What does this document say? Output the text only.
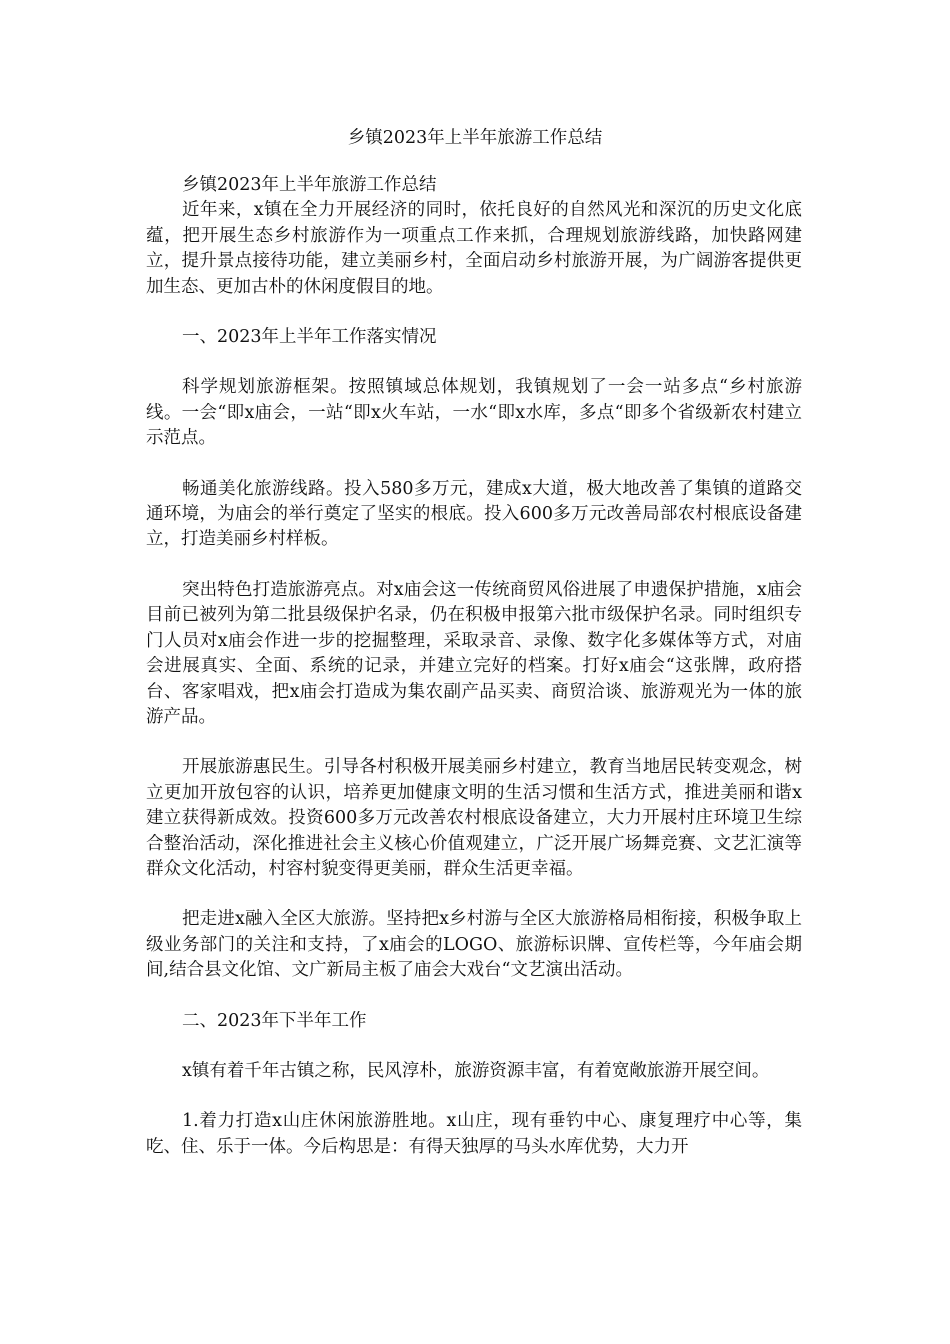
乡镇2023年上半年旅游工作总结

乡镇2023年上半年旅游工作总结

近年来，x镇在全力开展经济的同时，依托良好的自然风光和深沉的历史文化底蕴，把开展生态乡村旅游作为一项重点工作来抓，合理规划旅游线路，加快路网建立，提升景点接待功能，建立美丽乡村，全面启动乡村旅游开展，为广阔游客提供更加生态、更加古朴的休闲度假目的地。

一、2023年上半年工作落实情况

科学规划旅游框架。按照镇域总体规划，我镇规划了一会一站多点“乡村旅游线。一会“即x庙会，一站“即x火车站，一水“即x水库，多点“即多个省级新农村建立示范点。

畅通美化旅游线路。投入580多万元，建成x大道，极大地改善了集镇的道路交通环境，为庙会的举行奠定了坚实的根底。投入600多万元改善局部农村根底设备建立，打造美丽乡村样板。

突出特色打造旅游亮点。对x庙会这一传统商贸风俗进展了申遗保护措施，x庙会目前已被列为第二批县级保护名录，仍在积极申报第六批市级保护名录。同时组织专门人员对x庙会作进一步的挖掘整理，采取录音、录像、数字化多媒体等方式，对庙会进展真实、全面、系统的记录，并建立完好的档案。打好x庙会“这张牌，政府搭台、客家唱戏，把x庙会打造成为集农副产品买卖、商贸洽谈、旅游观光为一体的旅游产品。

开展旅游惠民生。引导各村积极开展美丽乡村建立，教育当地居民转变观念，树立更加开放包容的认识，培养更加健康文明的生活习惯和生活方式，推进美丽和谐x建立获得新成效。投资600多万元改善农村根底设备建立，大力开展村庄环境卫生综合整治活动，深化推进社会主义核心价值观建立，广泛开展广场舞竞赛、文艺汇演等群众文化活动，村容村貌变得更美丽，群众生活更幸福。

把走进x融入全区大旅游。坚持把x乡村游与全区大旅游格局相衔接，积极争取上级业务部门的关注和支持，了x庙会的LOGO、旅游标识牌、宣传栏等，今年庙会期间,结合县文化馆、文广新局主板了庙会大戏台“文艺演出活动。

二、2023年下半年工作

x镇有着千年古镇之称，民风淳朴，旅游资源丰富，有着宽敞旅游开展空间。

1.着力打造x山庄休闲旅游胜地。x山庄，现有垂钓中心、康复理疗中心等，集吃、住、乐于一体。今后构思是：有得天独厚的马头水库优势，大力开
